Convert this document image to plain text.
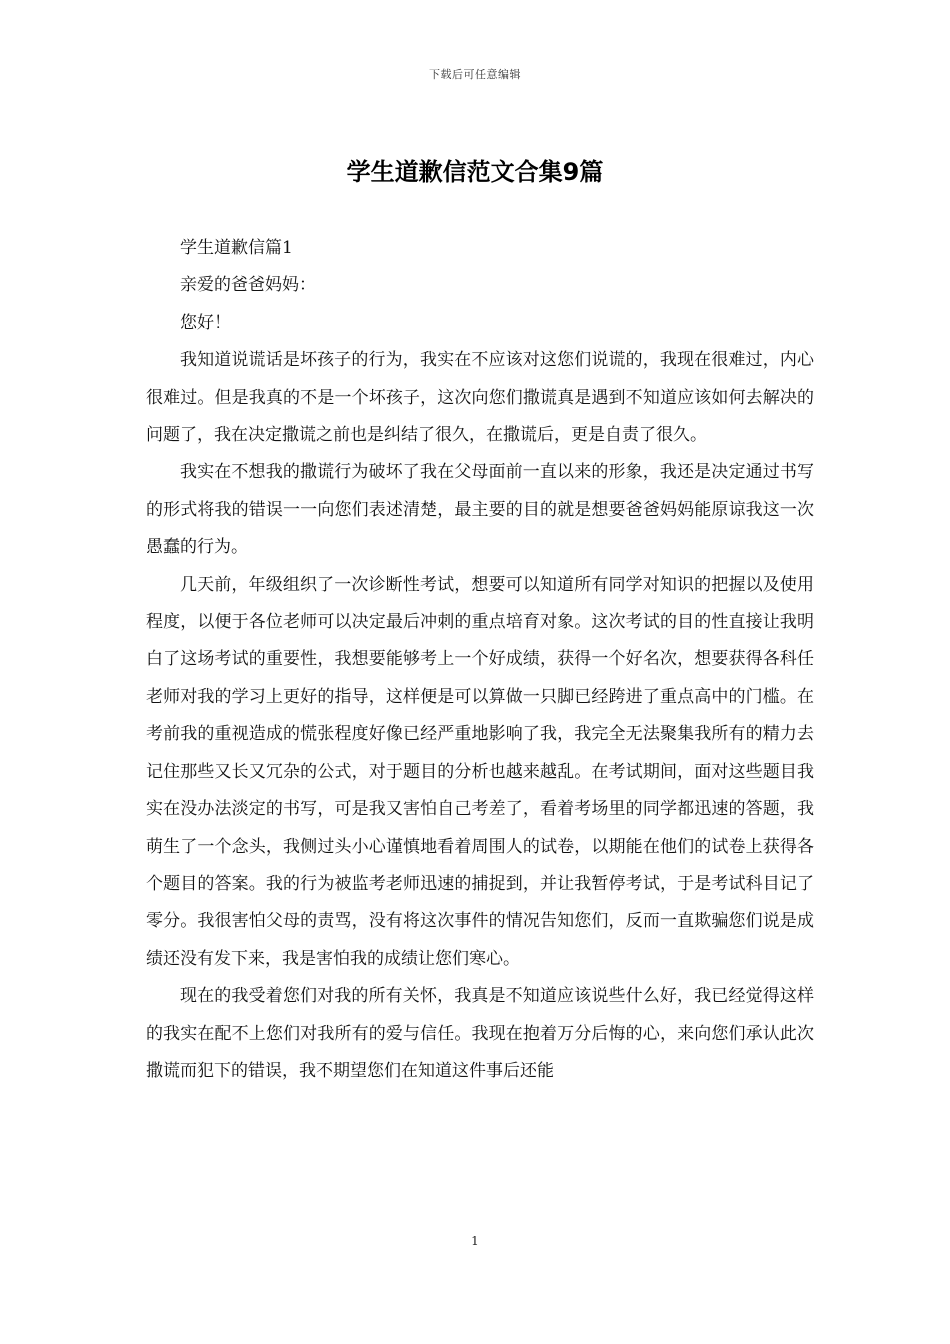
下载后可任意编辑
学生道歉信范文合集9篇

学生道歉信篇1

亲爱的爸爸妈妈：

您好！

我知道说谎话是坏孩子的行为，我实在不应该对这您们说谎的，我现在很难过，内心很难过。但是我真的不是一个坏孩子，这次向您们撒谎真是遇到不知道应该如何去解决的问题了，我在决定撒谎之前也是纠结了很久，在撒谎后，更是自责了很久。

我实在不想我的撒谎行为破坏了我在父母面前一直以来的形象，我还是决定通过书写的形式将我的错误一一向您们表述清楚，最主要的目的就是想要爸爸妈妈能原谅我这一次愚蠢的行为。

几天前，年级组织了一次诊断性考试，想要可以知道所有同学对知识的把握以及使用程度，以便于各位老师可以决定最后冲刺的重点培育对象。这次考试的目的性直接让我明白了这场考试的重要性，我想要能够考上一个好成绩，获得一个好名次，想要获得各科任老师对我的学习上更好的指导，这样便是可以算做一只脚已经跨进了重点高中的门槛。在考前我的重视造成的慌张程度好像已经严重地影响了我，我完全无法聚集我所有的精力去记住那些又长又冗杂的公式，对于题目的分析也越来越乱。在考试期间，面对这些题目我实在没办法淡定的书写，可是我又害怕自己考差了，看着考场里的同学都迅速的答题，我萌生了一个念头，我侧过头小心谨慎地看着周围人的试卷，以期能在他们的试卷上获得各个题目的答案。我的行为被监考老师迅速的捕捉到，并让我暂停考试，于是考试科目记了零分。我很害怕父母的责骂，没有将这次事件的情况告知您们，反而一直欺骗您们说是成绩还没有发下来，我是害怕我的成绩让您们寒心。

现在的我受着您们对我的所有关怀，我真是不知道应该说些什么好，我已经觉得这样的我实在配不上您们对我所有的爱与信任。我现在抱着万分后悔的心，来向您们承认此次撒谎而犯下的错误，我不期望您们在知道这件事后还能

1
